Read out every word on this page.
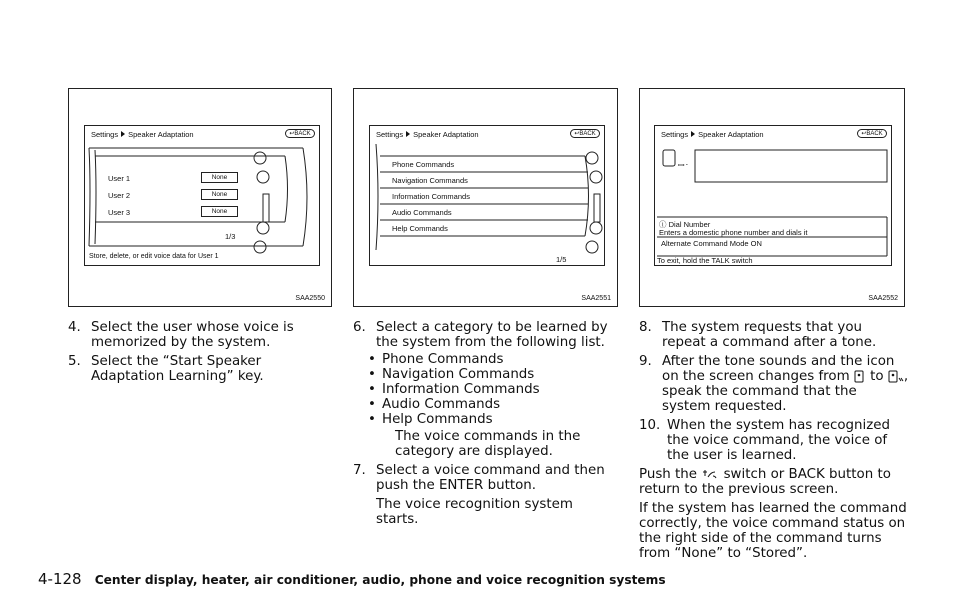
Settings Speaker Adaptation	↩BACK
User 1	None
User 2	None
User 3	None
1/3
Store, delete, or edit voice data for User 1
SAA2550
Settings Speaker Adaptation	↩BACK
Phone Commands
Navigation Commands
Information Commands
Audio Commands
Help Commands
1/5
SAA2551
Settings Speaker Adaptation	↩BACK
ꟷ᛫
ⓘ Dial Number
Enters a domestic phone number and dials it
Alternate Command Mode ON
To exit, hold the TALK switch
SAA2552
4. Select the user whose voice is memorized by the system.
5. Select the “Start Speaker Adaptation Learning” key.
6. Select a category to be learned by the system from the following list.
• Phone Commands
• Navigation Commands
• Information Commands
• Audio Commands
• Help Commands
The voice commands in the category are displayed.
7. Select a voice command and then push the ENTER button.
The voice recognition system starts.
8. The system requests that you repeat a command after a tone.
9. After the tone sounds and the icon on the screen changes from to , speak the command that the system requested.
10. When the system has recognized the voice command, the voice of the user is learned.
Push the switch or BACK button to return to the previous screen.
If the system has learned the command correctly, the voice command status on the right side of the command turns from “None” to “Stored”.
4-128 Center display, heater, air conditioner, audio, phone and voice recognition systems
